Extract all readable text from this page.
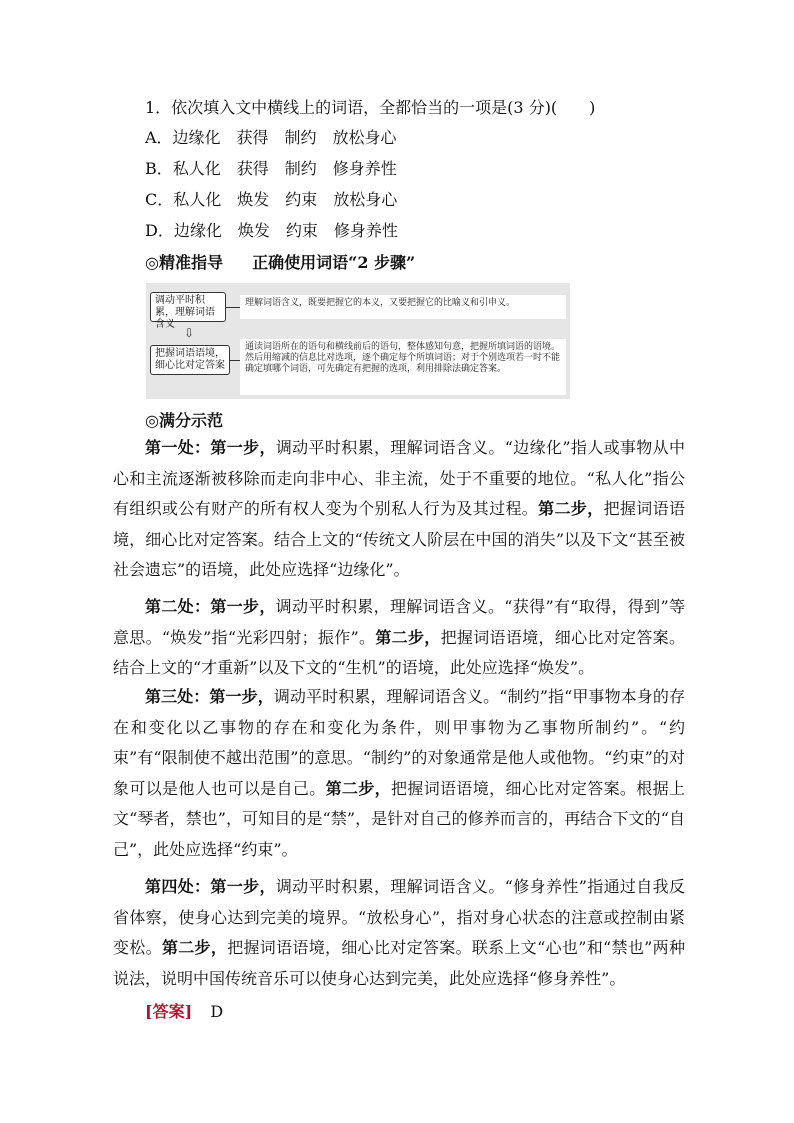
1．依次填入文中横线上的词语，全都恰当的一项是(3 分)(　　)
A．边缘化　获得　制约　放松身心
B．私人化　获得　制约　修身养性
C．私人化　焕发　约束　放松身心
D．边缘化　焕发　约束　修身养性
◎精准指导 正确使用词语“2 步骤”
调动平时积累，理解词语含义
理解词语含义，既要把握它的本义，又要把握它的比喻义和引申义。
⇩
把握词语语境，细心比对定答案
通读词语所在的语句和横线前后的语句，整体感知句意，把握所填词语的语境。然后用缩减的信息比对选项，逐个确定每个所填词语；对于个别选项若一时不能确定填哪个词语，可先确定有把握的选项，利用排除法确定答案。
◎满分示范

第一处：第一步，调动平时积累，理解词语含义。“边缘化”指人或事物从中心和主流逐渐被移除而走向非中心、非主流，处于不重要的地位。“私人化”指公有组织或公有财产的所有权人变为个别私人行为及其过程。第二步，把握词语语境，细心比对定答案。结合上文的“传统文人阶层在中国的消失”以及下文“甚至被社会遗忘”的语境，此处应选择“边缘化”。

第二处：第一步，调动平时积累，理解词语含义。“获得”有“取得，得到”等意思。“焕发”指“光彩四射；振作”。第二步，把握词语语境，细心比对定答案。结合上文的“才重新”以及下文的“生机”的语境，此处应选择“焕发”。

第三处：第一步，调动平时积累，理解词语含义。“制约”指“甲事物本身的存在和变化以乙事物的存在和变化为条件，则甲事物为乙事物所制约”。“约束”有“限制使不越出范围”的意思。“制约”的对象通常是他人或他物。“约束”的对象可以是他人也可以是自己。第二步，把握词语语境，细心比对定答案。根据上文“琴者，禁也”，可知目的是“禁”，是针对自己的修养而言的，再结合下文的“自己”，此处应选择“约束”。

第四处：第一步，调动平时积累，理解词语含义。“修身养性”指通过自我反省体察，使身心达到完美的境界。“放松身心”，指对身心状态的注意或控制由紧变松。第二步，把握词语语境，细心比对定答案。联系上文“心也”和“禁也”两种说法，说明中国传统音乐可以使身心达到完美，此处应选择“修身养性”。

[答案] D
